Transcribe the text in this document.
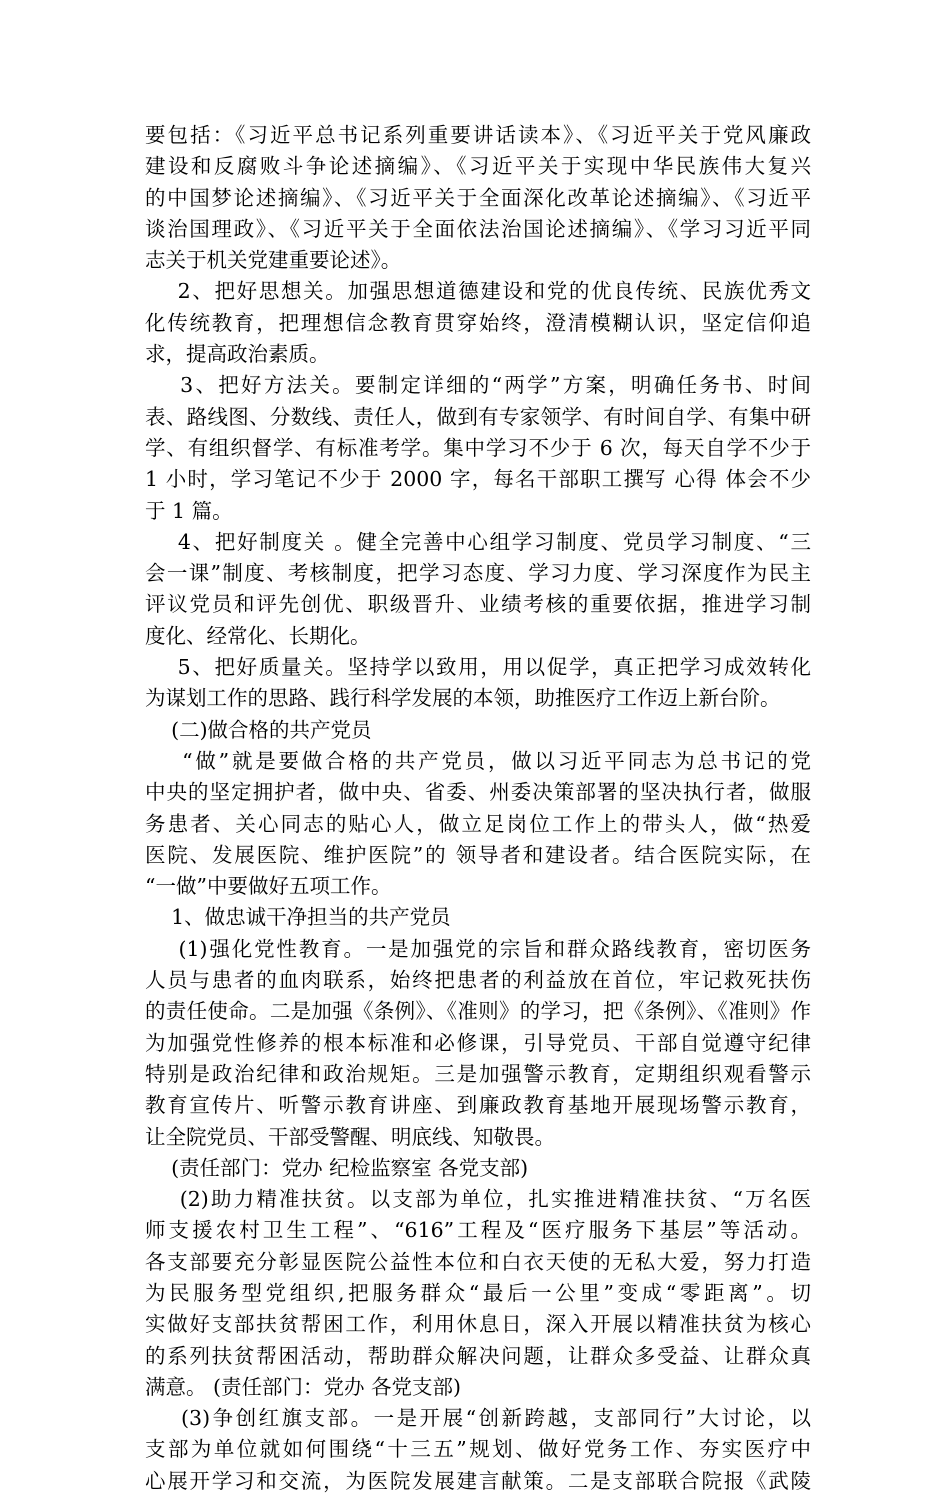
要包括：《习近平总书记系列重要讲话读本》、《习近平关于党风廉政
建设和反腐败斗争论述摘编》、《习近平关于实现中华民族伟大复兴
的中国梦论述摘编》、《习近平关于全面深化改革论述摘编》、《习近平
谈治国理政》、《习近平关于全面依法治国论述摘编》、《学习习近平同
志关于机关党建重要论述》。
2、把好思想关。加强思想道德建设和党的优良传统、民族优秀文
化传统教育，把理想信念教育贯穿始终，澄清模糊认识，坚定信仰追
求，提高政治素质。
3、把好方法关。要制定详细的“两学”方案，明确任务书、时间
表、路线图、分数线、责任人，做到有专家领学、有时间自学、有集中研
学、有组织督学、有标准考学。集中学习不少于 6 次，每天自学不少于
1 小时，学习笔记不少于 2000 字，每名干部职工撰写 心得 体会不少
于 1 篇。
4、把好制度关 。健全完善中心组学习制度、党员学习制度、“三
会一课”制度、考核制度，把学习态度、学习力度、学习深度作为民主
评议党员和评先创优、职级晋升、业绩考核的重要依据，推进学习制
度化、经常化、长期化。
5、把好质量关。坚持学以致用，用以促学，真正把学习成效转化
为谋划工作的思路、践行科学发展的本领，助推医疗工作迈上新台阶。
(二)做合格的共产党员
“做”就是要做合格的共产党员，做以习近平同志为总书记的党
中央的坚定拥护者，做中央、省委、州委决策部署的坚决执行者，做服
务患者、关心同志的贴心人，做立足岗位工作上的带头人，做“热爱
医院、发展医院、维护医院”的 领导者和建设者。结合医院实际，在
“一做”中要做好五项工作。
1、做忠诚干净担当的共产党员
(1)强化党性教育。一是加强党的宗旨和群众路线教育，密切医务
人员与患者的血肉联系，始终把患者的利益放在首位，牢记救死扶伤
的责任使命。二是加强《条例》、《准则》的学习，把《条例》、《准则》作
为加强党性修养的根本标准和必修课，引导党员、干部自觉遵守纪律
特别是政治纪律和政治规矩。三是加强警示教育，定期组织观看警示
教育宣传片、听警示教育讲座、到廉政教育基地开展现场警示教育，
让全院党员、干部受警醒、明底线、知敬畏。
(责任部门：党办 纪检监察室 各党支部)
(2)助力精准扶贫。以支部为单位，扎实推进精准扶贫、“万名医
师支援农村卫生工程”、“616”工程及“医疗服务下基层”等活动。
各支部要充分彰显医院公益性本位和白衣天使的无私大爱，努力打造
为民服务型党组织,把服务群众“最后一公里”变成“零距离”。切
实做好支部扶贫帮困工作，利用休息日，深入开展以精准扶贫为核心
的系列扶贫帮困活动，帮助群众解决问题，让群众多受益、让群众真
满意。 (责任部门：党办 各党支部)
(3)争创红旗支部。一是开展“创新跨越，支部同行”大讨论，以
支部为单位就如何围绕“十三五”规划、做好党务工作、夯实医疗中
心展开学习和交流，为医院发展建言献策。二是支部联合院报《武陵
